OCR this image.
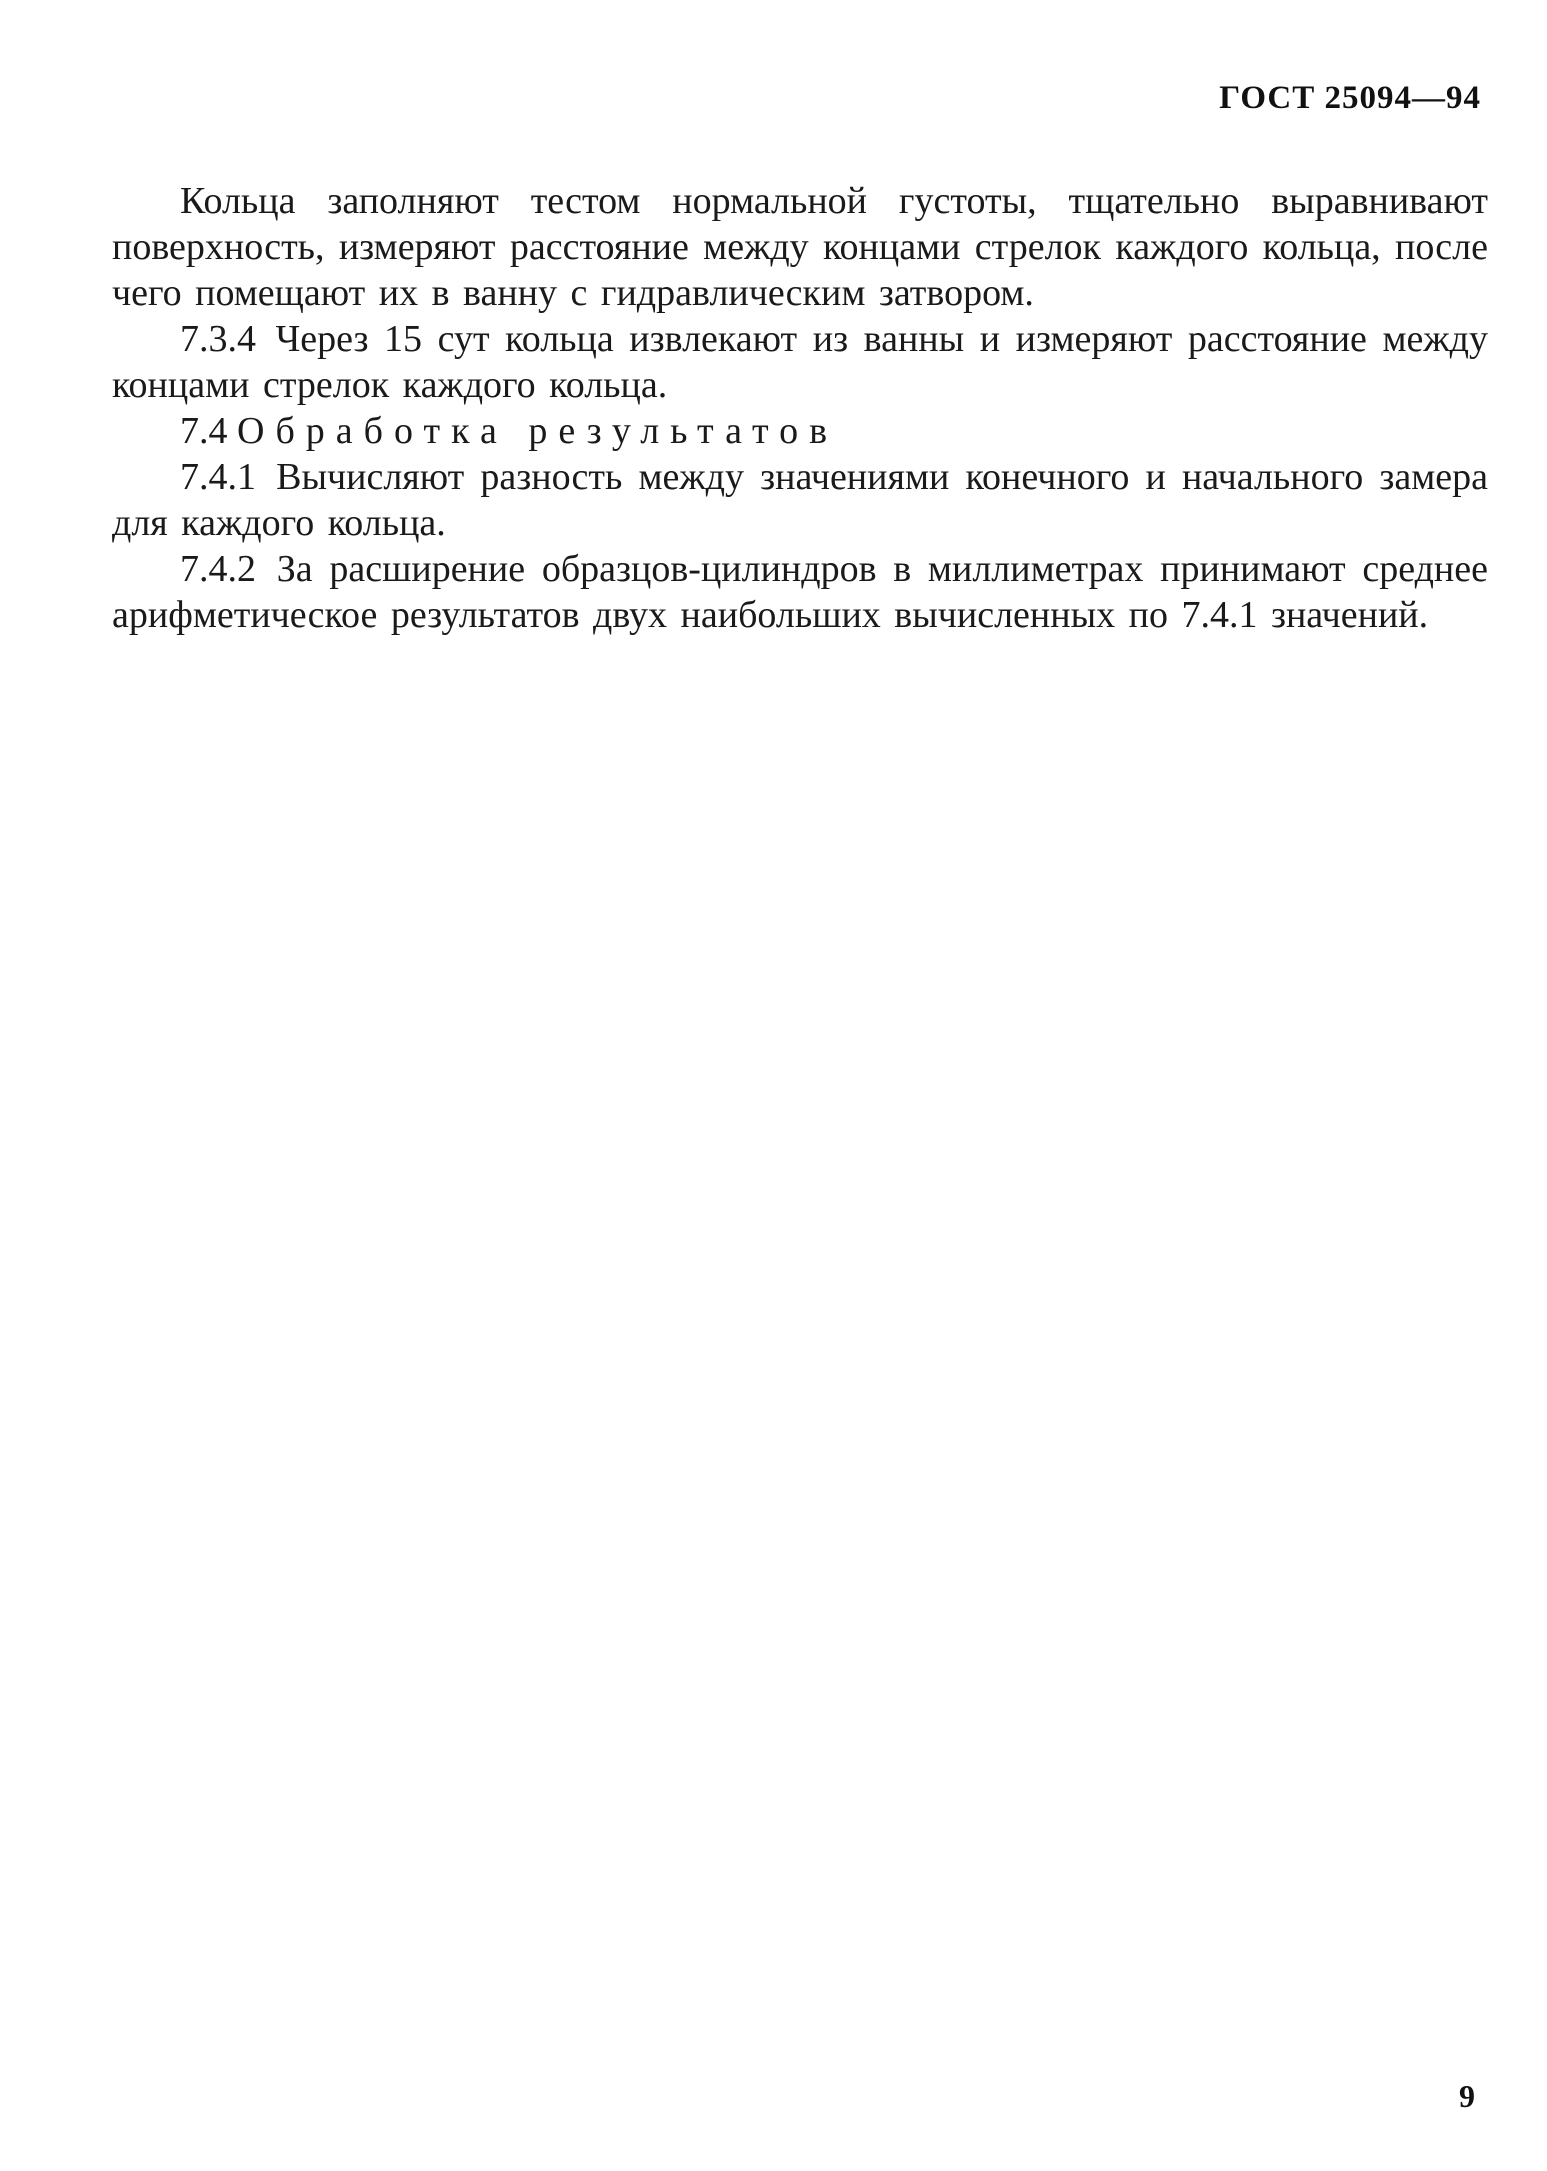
ГОСТ 25094—94

Кольца заполняют тестом нормальной густоты, тщательно выравнивают поверхность, измеряют расстояние между концами стрелок каждого кольца, после чего помещают их в ванну с гидравлическим затвором.

7.3.4 Через 15 сут кольца извлекают из ванны и измеряют расстояние между концами стрелок каждого кольца.

7.4 Обработка результатов

7.4.1 Вычисляют разность между значениями конечного и начального замера для каждого кольца.

7.4.2 За расширение образцов-цилиндров в миллиметрах принимают среднее арифметическое результатов двух наибольших вычисленных по 7.4.1 значений.

9
